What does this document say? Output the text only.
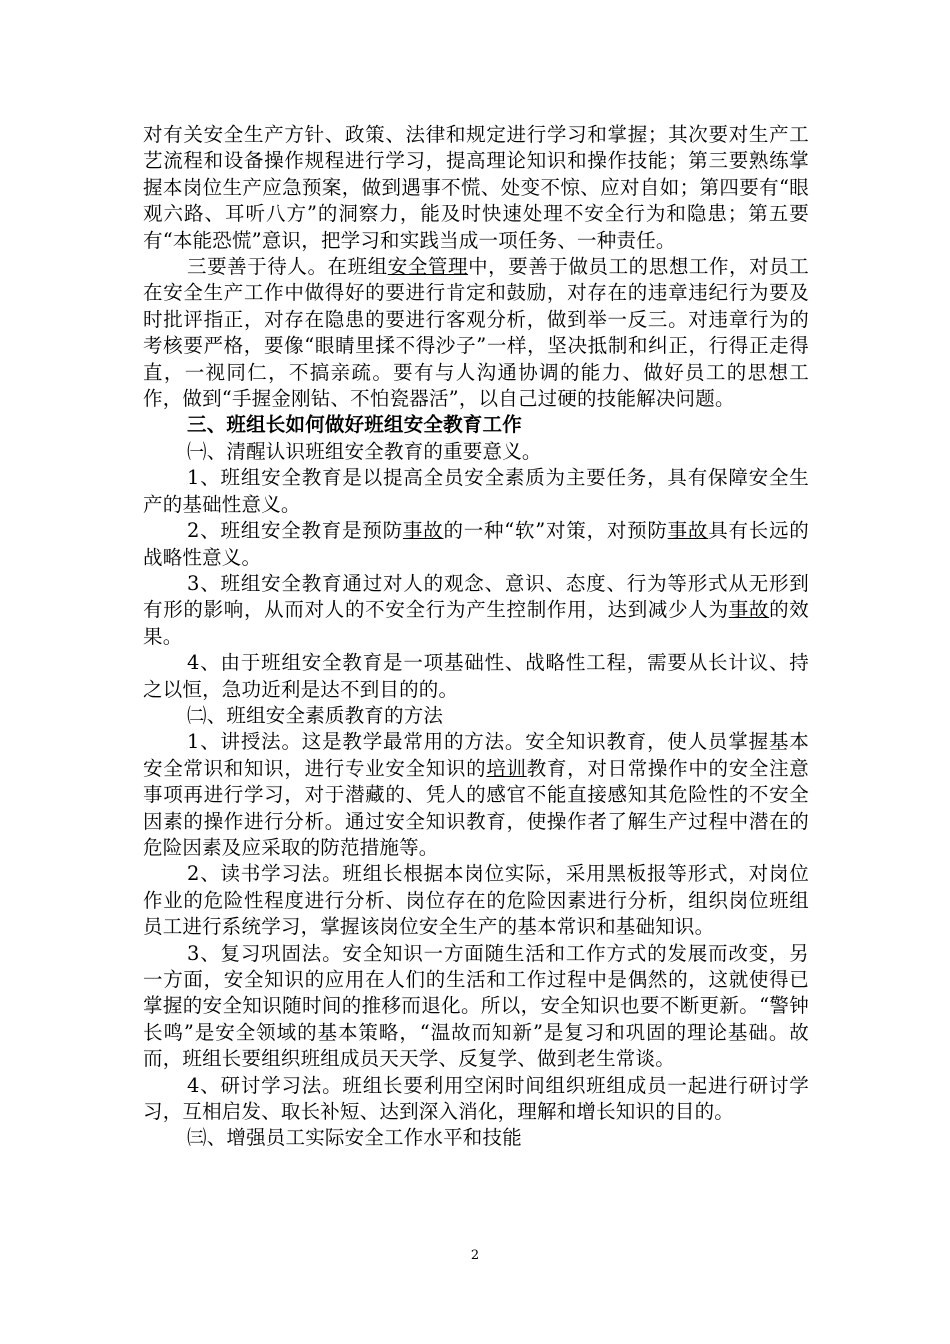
对有关安全生产方针、政策、法律和规定进行学习和掌握；其次要对生产工艺流程和设备操作规程进行学习，提高理论知识和操作技能；第三要熟练掌握本岗位生产应急预案，做到遇事不慌、处变不惊、应对自如；第四要有“眼观六路、耳听八方”的洞察力，能及时快速处理不安全行为和隐患；第五要有“本能恐慌”意识，把学习和实践当成一项任务、一种责任。

三要善于待人。在班组安全管理中，要善于做员工的思想工作，对员工在安全生产工作中做得好的要进行肯定和鼓励，对存在的违章违纪行为要及时批评指正，对存在隐患的要进行客观分析，做到举一反三。对违章行为的考核要严格，要像“眼睛里揉不得沙子”一样，坚决抵制和纠正，行得正走得直，一视同仁，不搞亲疏。要有与人沟通协调的能力、做好员工的思想工作，做到“手握金刚钻、不怕瓷器活”，以自己过硬的技能解决问题。

三、班组长如何做好班组安全教育工作

㈠、清醒认识班组安全教育的重要意义。

1、班组安全教育是以提高全员安全素质为主要任务，具有保障安全生产的基础性意义。

2、班组安全教育是预防事故的一种“软”对策，对预防事故具有长远的战略性意义。

3、班组安全教育通过对人的观念、意识、态度、行为等形式从无形到有形的影响，从而对人的不安全行为产生控制作用，达到减少人为事故的效果。

4、由于班组安全教育是一项基础性、战略性工程，需要从长计议、持之以恒，急功近利是达不到目的的。

㈡、班组安全素质教育的方法

1、讲授法。这是教学最常用的方法。安全知识教育，使人员掌握基本安全常识和知识，进行专业安全知识的培训教育，对日常操作中的安全注意事项再进行学习，对于潜藏的、凭人的感官不能直接感知其危险性的不安全因素的操作进行分析。通过安全知识教育，使操作者了解生产过程中潜在的危险因素及应采取的防范措施等。

2、读书学习法。班组长根据本岗位实际，采用黑板报等形式，对岗位作业的危险性程度进行分析、岗位存在的危险因素进行分析，组织岗位班组员工进行系统学习，掌握该岗位安全生产的基本常识和基础知识。

3、复习巩固法。安全知识一方面随生活和工作方式的发展而改变，另一方面，安全知识的应用在人们的生活和工作过程中是偶然的，这就使得已掌握的安全知识随时间的推移而退化。所以，安全知识也要不断更新。“警钟长鸣”是安全领域的基本策略，“温故而知新”是复习和巩固的理论基础。故而，班组长要组织班组成员天天学、反复学、做到老生常谈。

4、研讨学习法。班组长要利用空闲时间组织班组成员一起进行研讨学习，互相启发、取长补短、达到深入消化，理解和增长知识的目的。

㈢、增强员工实际安全工作水平和技能

2
